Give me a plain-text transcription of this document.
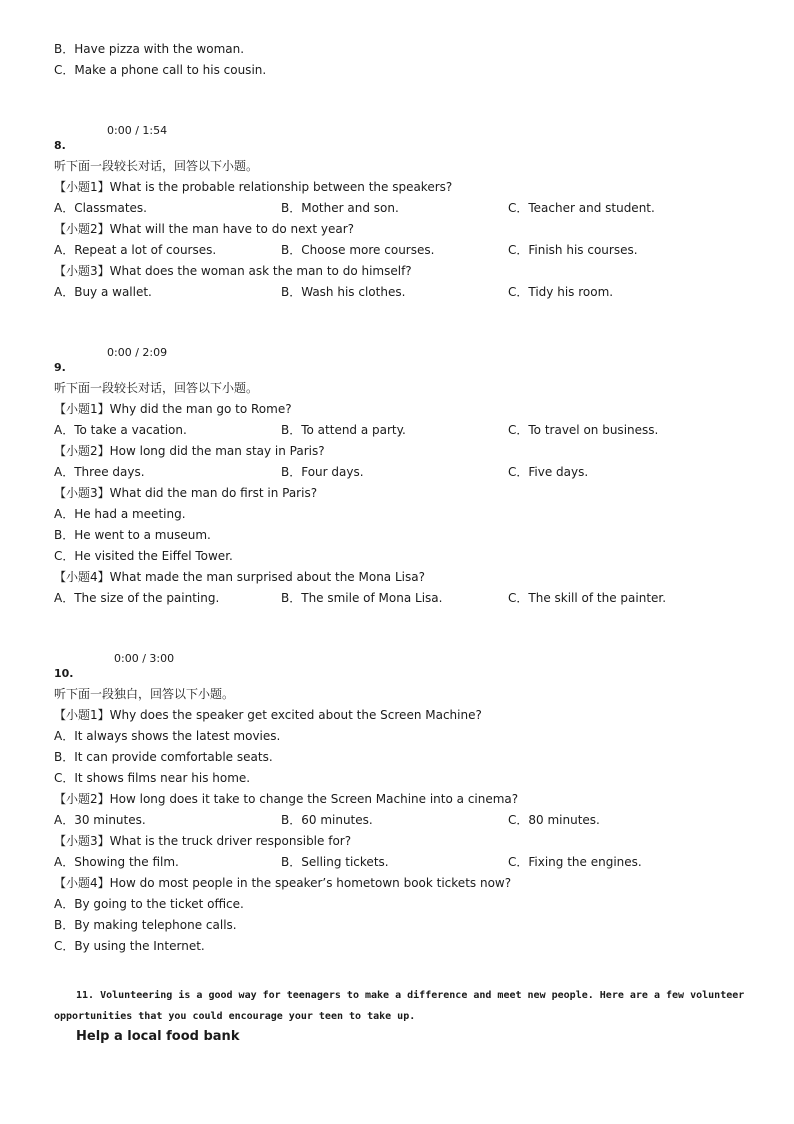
B．Have pizza with the woman.
C．Make a phone call to his cousin.
0:00 / 1:54
8.
听下面一段较长对话，回答以下小题。
【小题1】What is the probable relationship between the speakers?
A．Classmates.	B．Mother and son.	C．Teacher and student.
【小题2】What will the man have to do next year?
A．Repeat a lot of courses.	B．Choose more courses.	C．Finish his courses.
【小题3】What does the woman ask the man to do himself?
A．Buy a wallet.	B．Wash his clothes.	C．Tidy his room.
0:00 / 2:09
9.
听下面一段较长对话，回答以下小题。
【小题1】Why did the man go to Rome?
A．To take a vacation.	B．To attend a party.	C．To travel on business.
【小题2】How long did the man stay in Paris?
A．Three days.	B．Four days.	C．Five days.
【小题3】What did the man do first in Paris?
A．He had a meeting.
B．He went to a museum.
C．He visited the Eiffel Tower.
【小题4】What made the man surprised about the Mona Lisa?
A．The size of the painting.	B．The smile of Mona Lisa.	C．The skill of the painter.
0:00 / 3:00
10.
听下面一段独白，回答以下小题。
【小题1】Why does the speaker get excited about the Screen Machine?
A．It always shows the latest movies.
B．It can provide comfortable seats.
C．It shows films near his home.
【小题2】How long does it take to change the Screen Machine into a cinema?
A．30 minutes.	B．60 minutes.	C．80 minutes.
【小题3】What is the truck driver responsible for?
A．Showing the film.	B．Selling tickets.	C．Fixing the engines.
【小题4】How do most people in the speaker’s hometown book tickets now?
A．By going to the ticket office.
B．By making telephone calls.
C．By using the Internet.
11. Volunteering is a good way for teenagers to make a difference and meet new people. Here are a few volunteer
opportunities that you could encourage your teen to take up.
Help a local food bank
